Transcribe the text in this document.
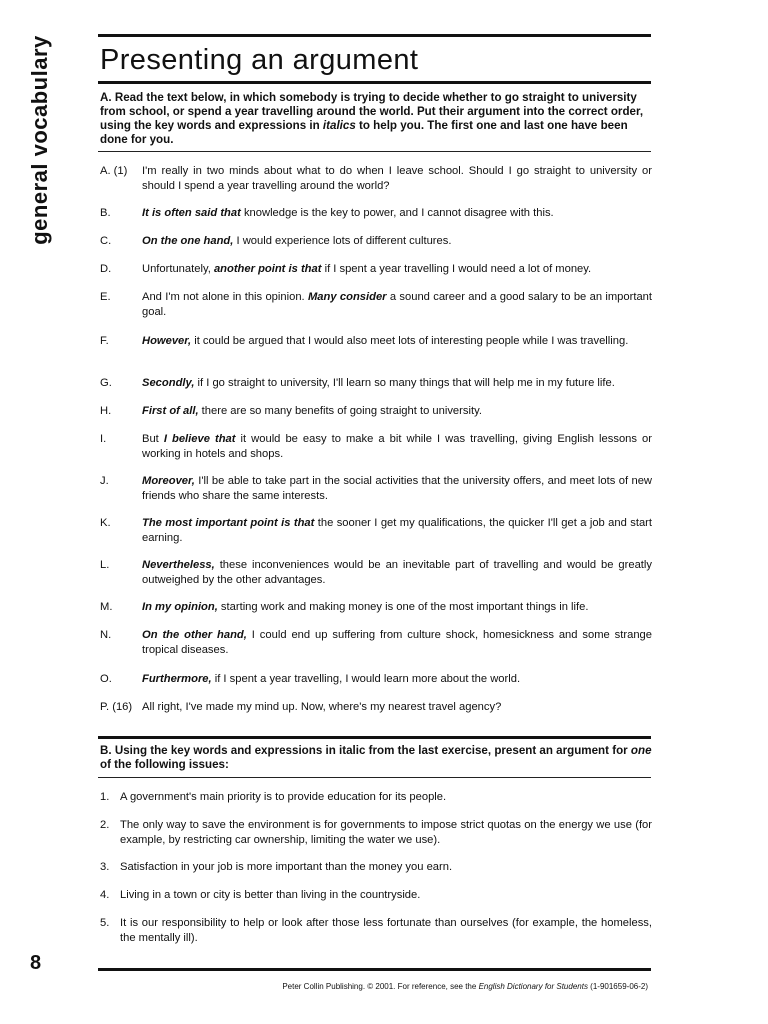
general vocabulary
8
Presenting an argument
A. Read the text below, in which somebody is trying to decide whether to go straight to university from school, or spend a year travelling around the world. Put their argument into the correct order, using the key words and expressions in italics to help you. The first one and last one have been done for you.
A. (1)	I'm really in two minds about what to do when I leave school. Should I go straight to university or should I spend a year travelling around the world?
B.	It is often said that knowledge is the key to power, and I cannot disagree with this.
C.	On the one hand, I would experience lots of different cultures.
D.	Unfortunately, another point is that if I spent a year travelling I would need a lot of money.
E.	And I'm not alone in this opinion. Many consider a sound career and a good salary to be an important goal.
F.	However, it could be argued that I would also meet lots of interesting people while I was travelling.
G.	Secondly, if I go straight to university, I'll learn so many things that will help me in my future life.
H.	First of all, there are so many benefits of going straight to university.
I.	But I believe that it would be easy to make a bit while I was travelling, giving English lessons or working in hotels and shops.
J.	Moreover, I'll be able to take part in the social activities that the university offers, and meet lots of new friends who share the same interests.
K.	The most important point is that the sooner I get my qualifications, the quicker I'll get a job and start earning.
L.	Nevertheless, these inconveniences would be an inevitable part of travelling and would be greatly outweighed by the other advantages.
M.	In my opinion, starting work and making money is one of the most important things in life.
N.	On the other hand, I could end up suffering from culture shock, homesickness and some strange tropical diseases.
O.	Furthermore, if I spent a year travelling, I would learn more about the world.
P. (16) All right, I've made my mind up. Now, where's my nearest travel agency?
B. Using the key words and expressions in italic from the last exercise, present an argument for one of the following issues:
1. A government's main priority is to provide education for its people.
2. The only way to save the environment is for governments to impose strict quotas on the energy we use (for example, by restricting car ownership, limiting the water we use).
3. Satisfaction in your job is more important than the money you earn.
4. Living in a town or city is better than living in the countryside.
5. It is our responsibility to help or look after those less fortunate than ourselves (for example, the homeless, the mentally ill).
Peter Collin Publishing. © 2001. For reference, see the English Dictionary for Students (1-901659-06-2)
